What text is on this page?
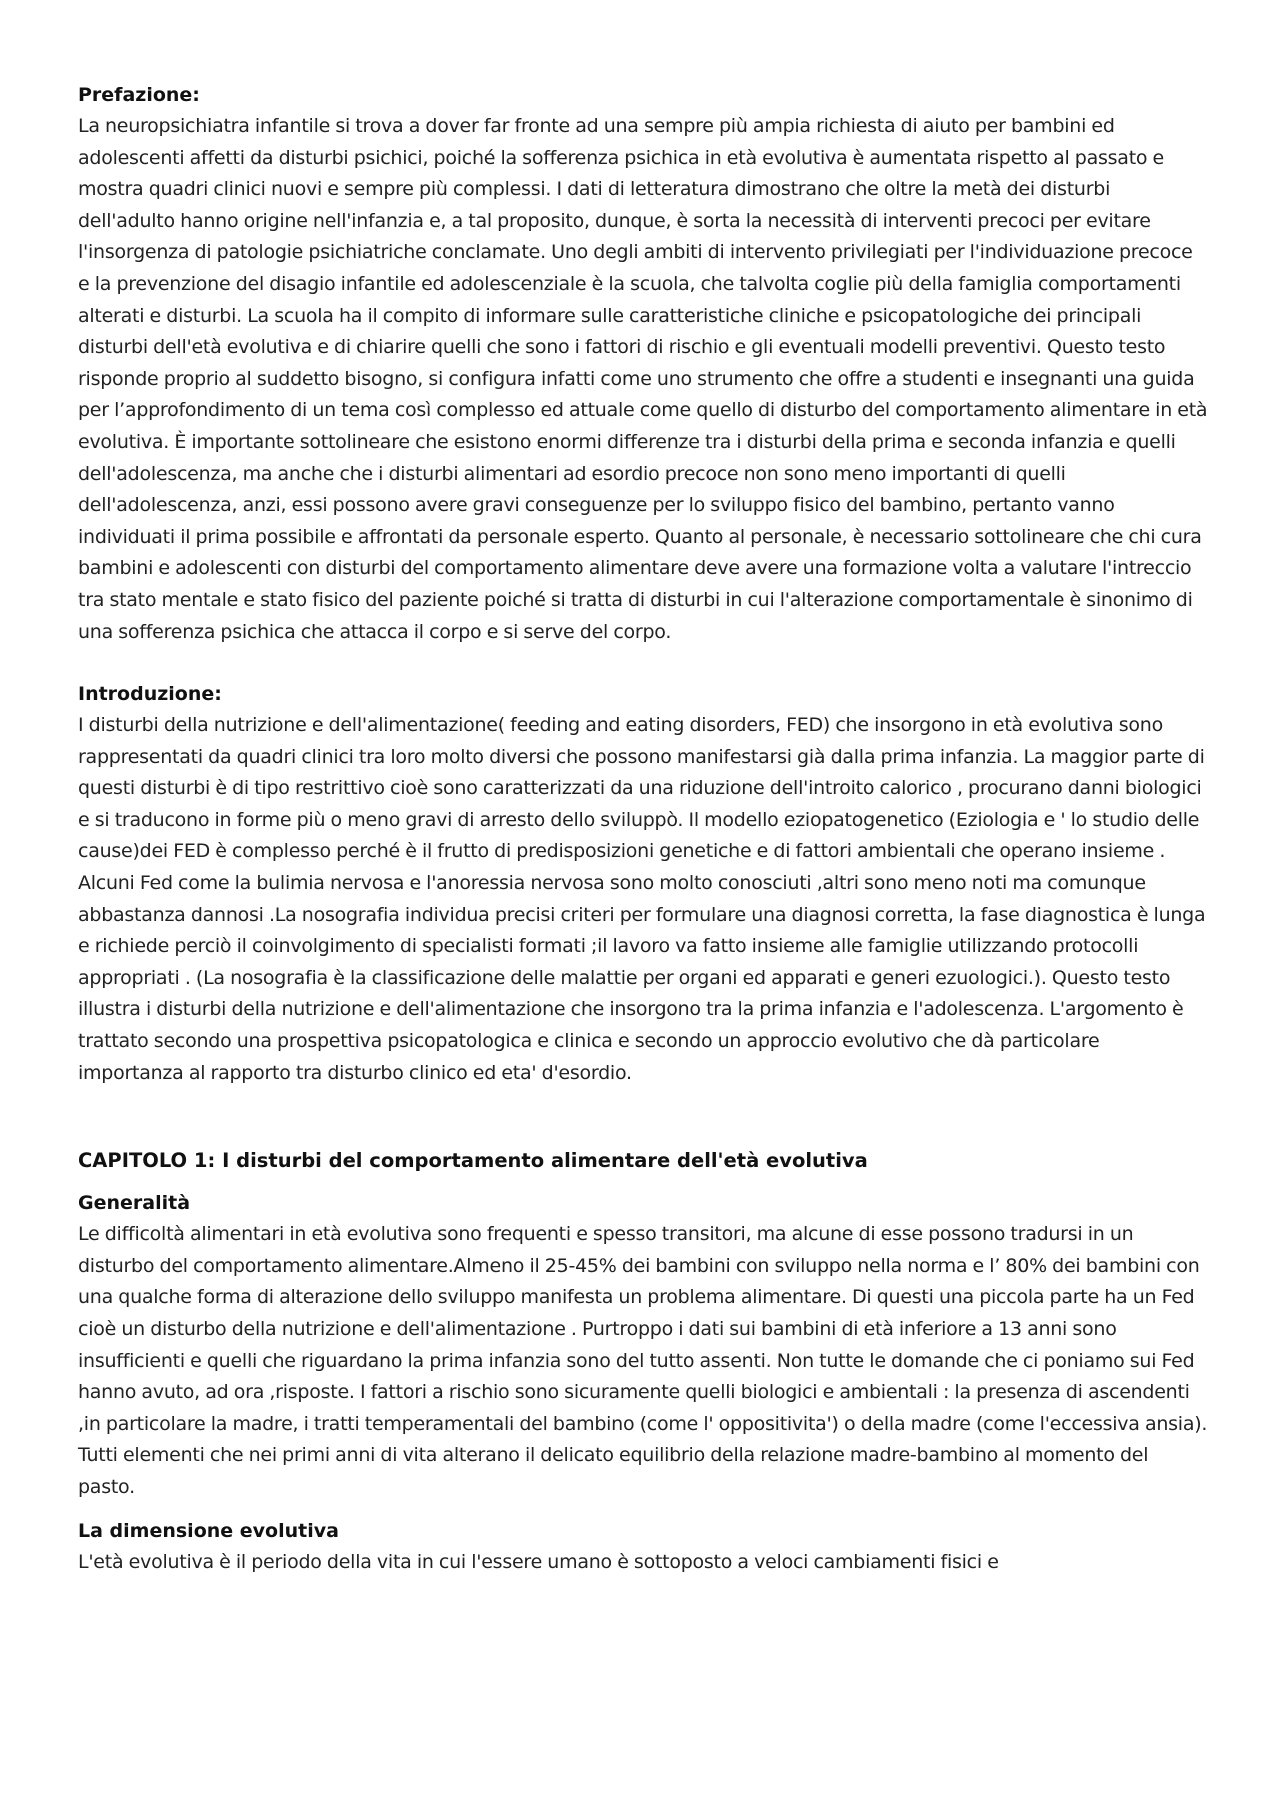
Prefazione:

La neuropsichiatra infantile si trova a dover far fronte ad una sempre più ampia richiesta di aiuto per bambini ed adolescenti affetti da disturbi psichici, poiché la sofferenza psichica in età evolutiva è aumentata rispetto al passato e mostra quadri clinici nuovi e sempre più complessi. I dati di letteratura dimostrano che oltre la metà dei disturbi dell'adulto hanno origine nell'infanzia e, a tal proposito, dunque, è sorta la necessità di interventi precoci per evitare l'insorgenza di patologie psichiatriche conclamate. Uno degli ambiti di intervento privilegiati per l'individuazione precoce e la prevenzione del disagio infantile ed adolescenziale è la scuola, che talvolta coglie più della famiglia comportamenti alterati e disturbi. La scuola ha il compito di informare sulle caratteristiche cliniche e psicopatologiche dei principali disturbi dell'età evolutiva e di chiarire quelli che sono i fattori di rischio e gli eventuali modelli preventivi. Questo testo risponde proprio al suddetto bisogno, si configura infatti come uno strumento che offre a studenti e insegnanti una guida per l’approfondimento di un tema così complesso ed attuale come quello di disturbo del comportamento alimentare in età evolutiva. È importante sottolineare che esistono enormi differenze tra i disturbi della prima e seconda infanzia e quelli dell'adolescenza, ma anche che i disturbi alimentari ad esordio precoce non sono meno importanti di quelli dell'adolescenza, anzi, essi possono avere gravi conseguenze per lo sviluppo fisico del bambino, pertanto vanno individuati il prima possibile e affrontati da personale esperto. Quanto al personale, è necessario sottolineare che chi cura bambini e adolescenti con disturbi del comportamento alimentare deve avere una formazione volta a valutare l'intreccio tra stato mentale e stato fisico del paziente poiché si tratta di disturbi in cui l'alterazione comportamentale è sinonimo di una sofferenza psichica che attacca il corpo e si serve del corpo.

Introduzione:

I disturbi della nutrizione e dell'alimentazione( feeding and eating disorders, FED) che insorgono in età evolutiva sono rappresentati da quadri clinici tra loro molto diversi che possono manifestarsi già dalla prima infanzia. La maggior parte di questi disturbi è di tipo restrittivo cioè sono caratterizzati da una riduzione dell'introito calorico , procurano danni biologici e si traducono in forme più o meno gravi di arresto dello sviluppò. Il modello eziopatogenetico (Eziologia e ' lo studio delle cause)dei FED è complesso perché è il frutto di predisposizioni genetiche e di fattori ambientali che operano insieme . Alcuni Fed come la bulimia nervosa e l'anoressia nervosa sono molto conosciuti ,altri sono meno noti ma comunque abbastanza dannosi .La nosografia individua precisi criteri per formulare una diagnosi corretta, la fase diagnostica è lunga e richiede perciò il coinvolgimento di specialisti formati ;il lavoro va fatto insieme alle famiglie utilizzando protocolli appropriati . (La nosografia è la classificazione delle malattie per organi ed apparati e generi ezuologici.). Questo testo illustra i disturbi della nutrizione e dell'alimentazione che insorgono tra la prima infanzia e l'adolescenza. L'argomento è trattato secondo una prospettiva psicopatologica e clinica e secondo un approccio evolutivo che dà particolare importanza al rapporto tra disturbo clinico ed eta' d'esordio.

CAPITOLO 1: I disturbi del comportamento alimentare dell'età evolutiva
Generalità

Le difficoltà alimentari in età evolutiva sono frequenti e spesso transitori, ma alcune di esse possono tradursi in un disturbo del comportamento alimentare.Almeno il 25-45% dei bambini con sviluppo nella norma e l’ 80% dei bambini con una qualche forma di alterazione dello sviluppo manifesta un problema alimentare. Di questi una piccola parte ha un Fed cioè un disturbo della nutrizione e dell'alimentazione . Purtroppo i dati sui bambini di età inferiore a 13 anni sono insufficienti e quelli che riguardano la prima infanzia sono del tutto assenti. Non tutte le domande che ci poniamo sui Fed hanno avuto, ad ora ,risposte. I fattori a rischio sono sicuramente quelli biologici e ambientali : la presenza di ascendenti ,in particolare la madre, i tratti temperamentali del bambino (come l' oppositivita') o della madre (come l'eccessiva ansia). Tutti elementi che nei primi anni di vita alterano il delicato equilibrio della relazione madre-bambino al momento del pasto.

La dimensione evolutiva

L'età evolutiva è il periodo della vita in cui l'essere umano è sottoposto a veloci cambiamenti fisici e
